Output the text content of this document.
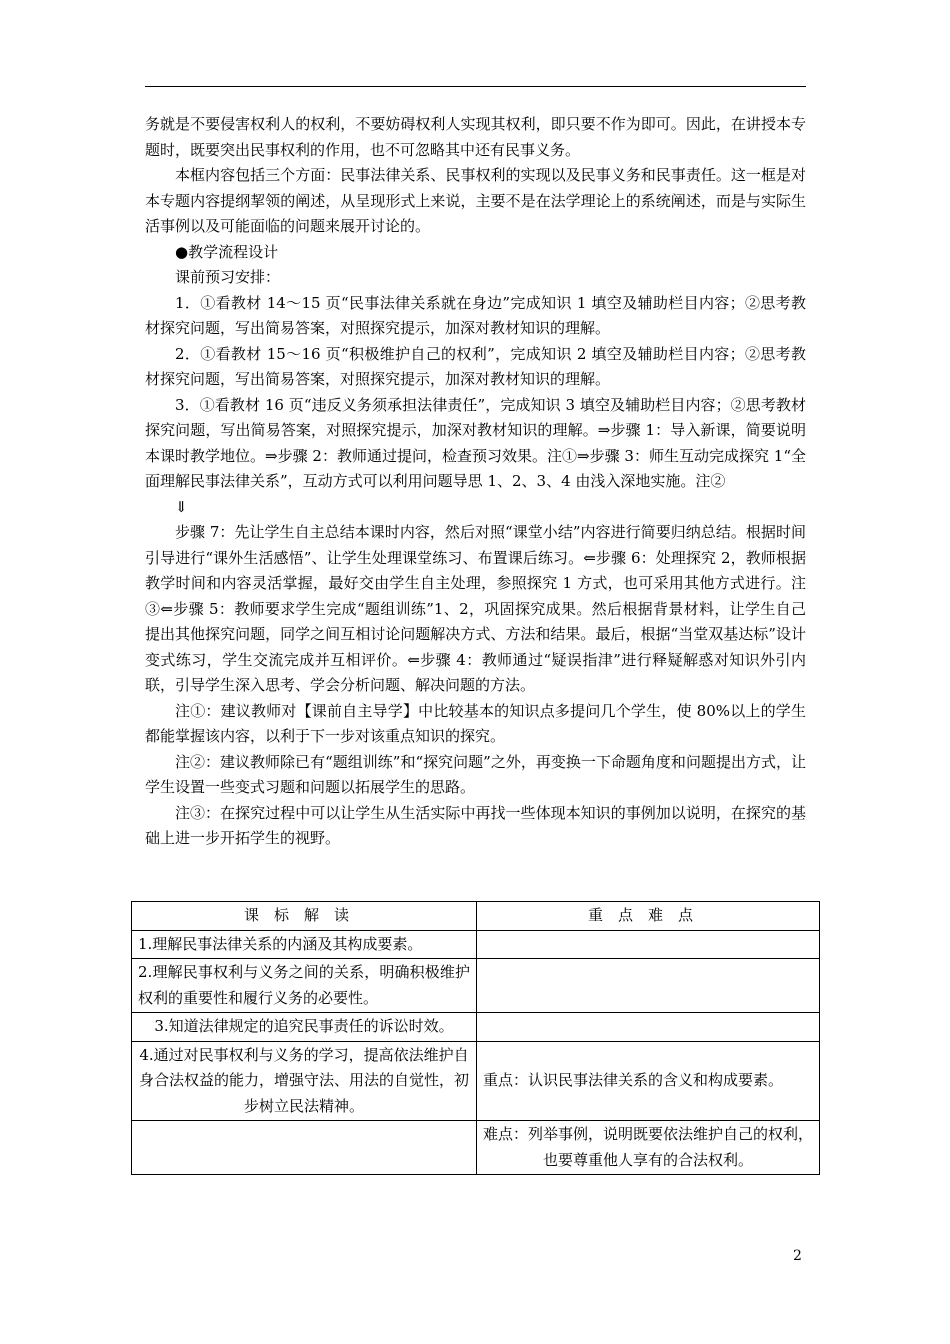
务就是不要侵害权利人的权利，不要妨碍权利人实现其权利，即只要不作为即可。因此，在讲授本专题时，既要突出民事权利的作用，也不可忽略其中还有民事义务。

本框内容包括三个方面：民事法律关系、民事权利的实现以及民事义务和民事责任。这一框是对本专题内容提纲挈领的阐述，从呈现形式上来说，主要不是在法学理论上的系统阐述，而是与实际生活事例以及可能面临的问题来展开讨论的。

●教学流程设计

课前预习安排：

1．①看教材 14～15 页“民事法律关系就在身边”完成知识 1 填空及辅助栏目内容；②思考教材探究问题，写出简易答案，对照探究提示，加深对教材知识的理解。

2．①看教材 15～16 页“积极维护自己的权利”，完成知识 2 填空及辅助栏目内容；②思考教材探究问题，写出简易答案，对照探究提示，加深对教材知识的理解。

3．①看教材 16 页“违反义务须承担法律责任”，完成知识 3 填空及辅助栏目内容；②思考教材探究问题，写出简易答案，对照探究提示，加深对教材知识的理解。⇒步骤 1：导入新课，简要说明本课时教学地位。⇒步骤 2：教师通过提问，检查预习效果。注①⇒步骤 3：师生互动完成探究 1“全面理解民事法律关系”，互动方式可以利用问题导思 1、2、3、4 由浅入深地实施。注②

⇓

步骤 7：先让学生自主总结本课时内容，然后对照“课堂小结”内容进行简要归纳总结。根据时间引导进行“课外生活感悟”、让学生处理课堂练习、布置课后练习。⇐步骤 6：处理探究 2，教师根据教学时间和内容灵活掌握，最好交由学生自主处理，参照探究 1 方式，也可采用其他方式进行。注③⇐步骤 5：教师要求学生完成“题组训练”1、2，巩固探究成果。然后根据背景材料，让学生自己提出其他探究问题，同学之间互相讨论问题解决方式、方法和结果。最后，根据“当堂双基达标”设计变式练习，学生交流完成并互相评价。⇐步骤 4：教师通过“疑误指津”进行释疑解惑对知识外引内联，引导学生深入思考、学会分析问题、解决问题的方法。

注①：建议教师对【课前自主导学】中比较基本的知识点多提问几个学生，使 80%以上的学生都能掌握该内容，以利于下一步对该重点知识的探究。

注②：建议教师除已有“题组训练”和“探究问题”之外，再变换一下命题角度和问题提出方式，让学生设置一些变式习题和问题以拓展学生的思路。

注③：在探究过程中可以让学生从生活实际中再找一些体现本知识的事例加以说明，在探究的基础上进一步开拓学生的视野。

课标解读	重点难点
1.理解民事法律关系的内涵及其构成要素。	
2.理解民事权利与义务之间的关系，明确积极维护权利的重要性和履行义务的必要性。	
3.知道法律规定的追究民事责任的诉讼时效。	
4.通过对民事权利与义务的学习，提高依法维护自身合法权益的能力，增强守法、用法的自觉性，初步树立民法精神。	重点：认识民事法律关系的含义和构成要素。
	难点：列举事例，说明既要依法维护自己的权利，也要尊重他人享有的合法权利。
2
